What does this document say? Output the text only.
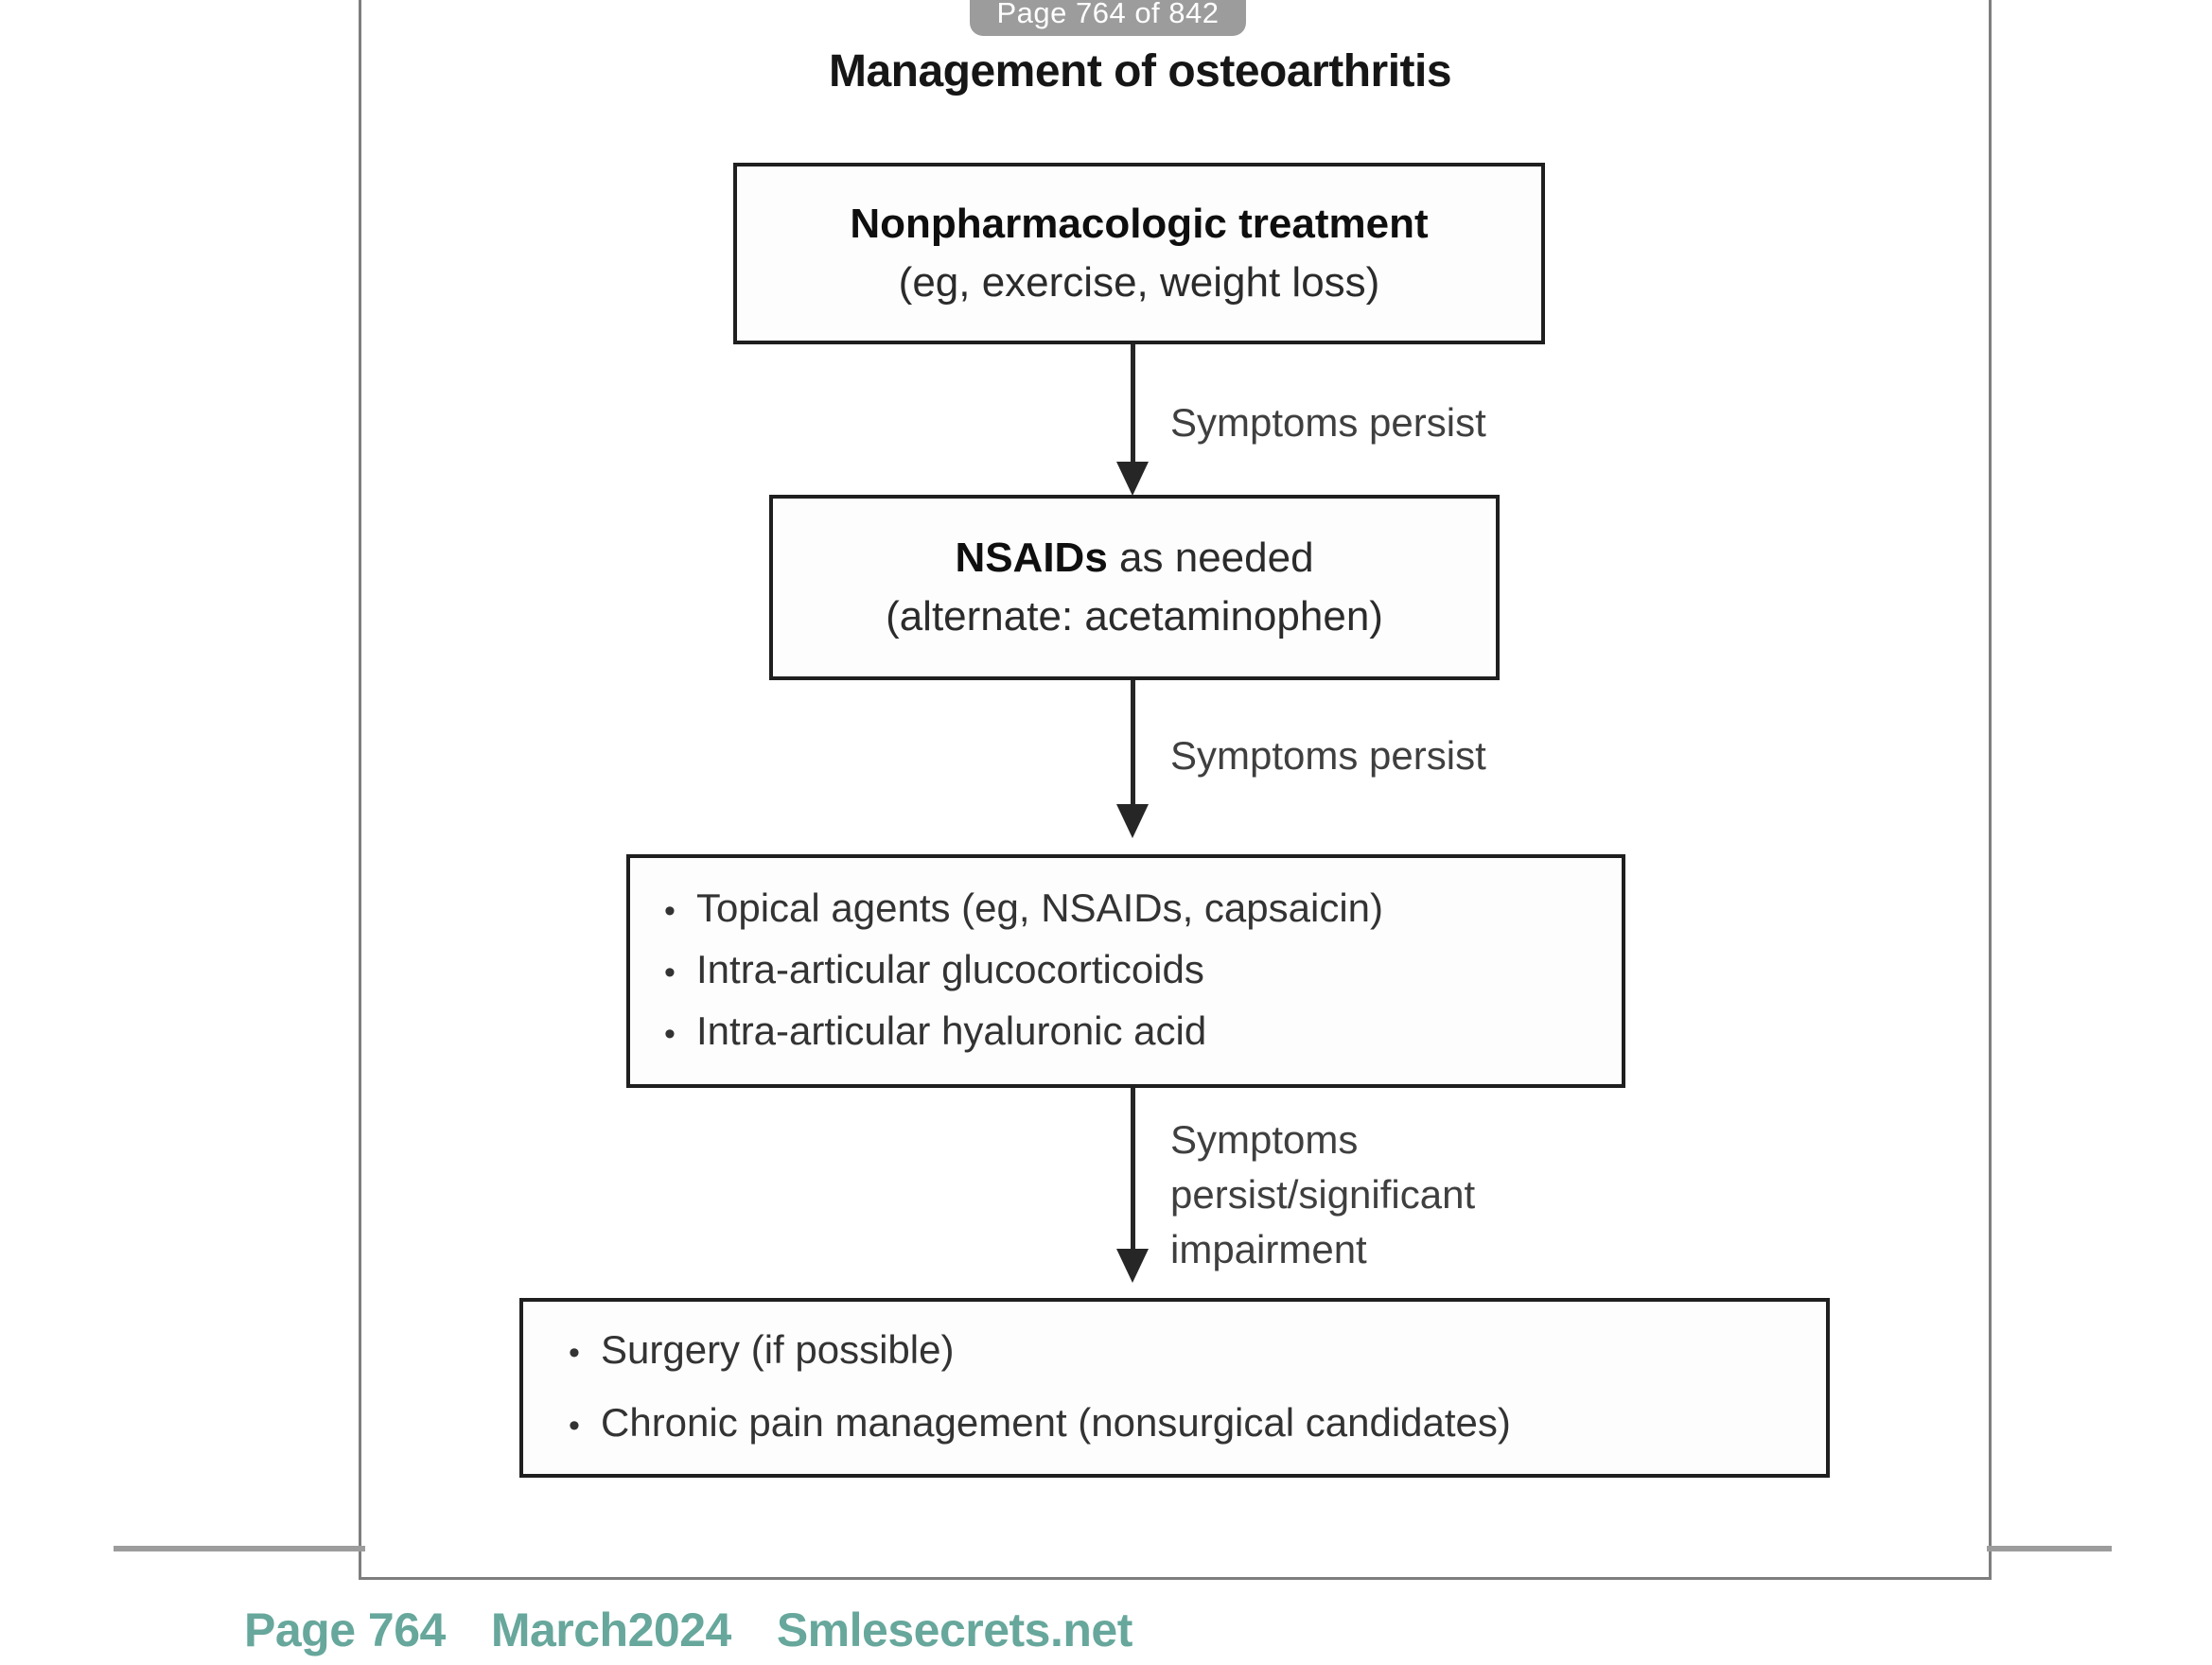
Page 764 of 842
Management of osteoarthritis
Nonpharmacologic treatment
(eg, exercise, weight loss)
Symptoms persist
NSAIDs as needed
(alternate: acetaminophen)
Symptoms persist
• Topical agents (eg, NSAIDs, capsaicin)
• Intra-articular glucocorticoids
• Intra-articular hyaluronic acid
Symptoms
persist/significant
impairment
• Surgery (if possible)
• Chronic pain management (nonsurgical candidates)
Page 764 March2024 Smlesecrets.net
